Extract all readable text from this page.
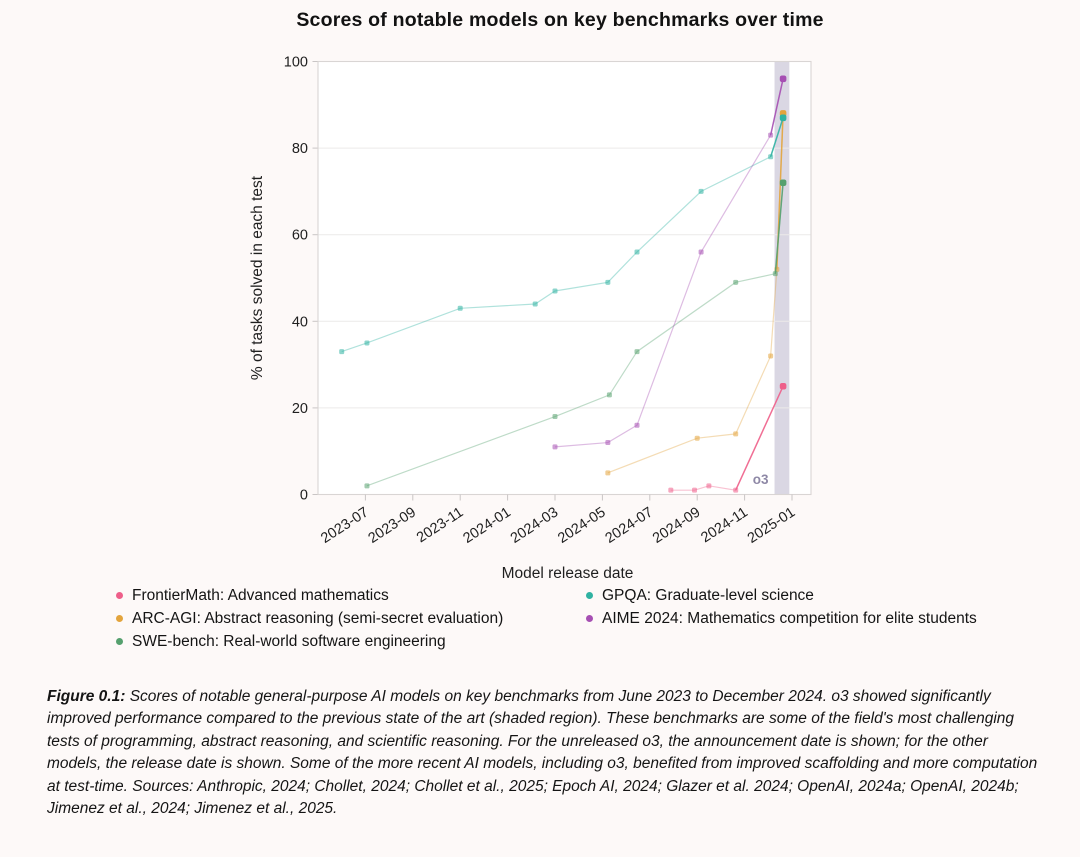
Scores of notable models on key benchmarks over time
0
20
40
60
80
100
2023-07
2023-09
2023-11
2024-01
2024-03
2024-05
2024-07
2024-09
2024-11
2025-01
Model release date
% of tasks solved in each test
o3
FrontierMath: Advanced mathematics
ARC-AGI: Abstract reasoning (semi-secret evaluation)
SWE-bench: Real-world software engineering
GPQA: Graduate-level science
AIME 2024: Mathematics competition for elite students

Figure 0.1: Scores of notable general-purpose AI models on key benchmarks from June 2023 to December 2024. o3 showed significantly improved performance compared to the previous state of the art (shaded region). These benchmarks are some of the field's most challenging tests of programming, abstract reasoning, and scientific reasoning. For the unreleased o3, the announcement date is shown; for the other models, the release date is shown. Some of the more recent AI models, including o3, benefited from improved scaffolding and more computation at test-time. Sources: Anthropic, 2024; Chollet, 2024; Chollet et al., 2025; Epoch AI, 2024; Glazer et al. 2024; OpenAI, 2024a; OpenAI, 2024b; Jimenez et al., 2024; Jimenez et al., 2025.
